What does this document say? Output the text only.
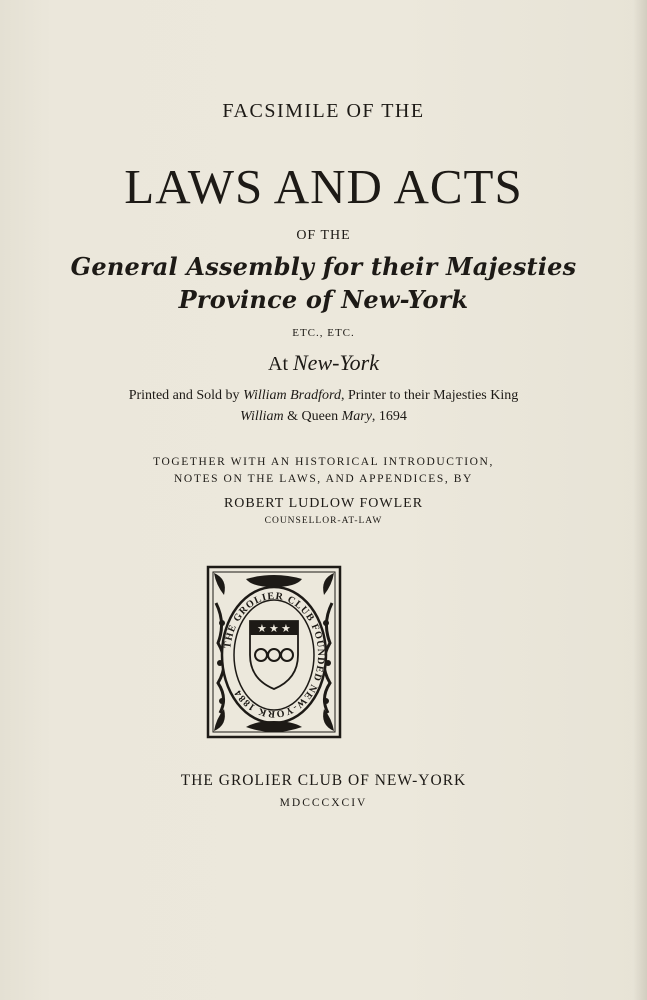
FACSIMILE OF THE
LAWS AND ACTS
OF THE
General Assembly for their Majesties
Province of New-York
ETC., ETC.
At New-York
Printed and Sold by William Bradford, Printer to their Majesties King
William & Queen Mary, 1694
TOGETHER WITH AN HISTORICAL INTRODUCTION,
NOTES ON THE LAWS, AND APPENDICES, BY
ROBERT LUDLOW FOWLER
COUNSELLOR-AT-LAW
THE GROLIER CLUB FOUNDED NEW-YORK 1884
★ ★ ★
THE GROLIER CLUB OF NEW-YORK
MDCCCXCIV
